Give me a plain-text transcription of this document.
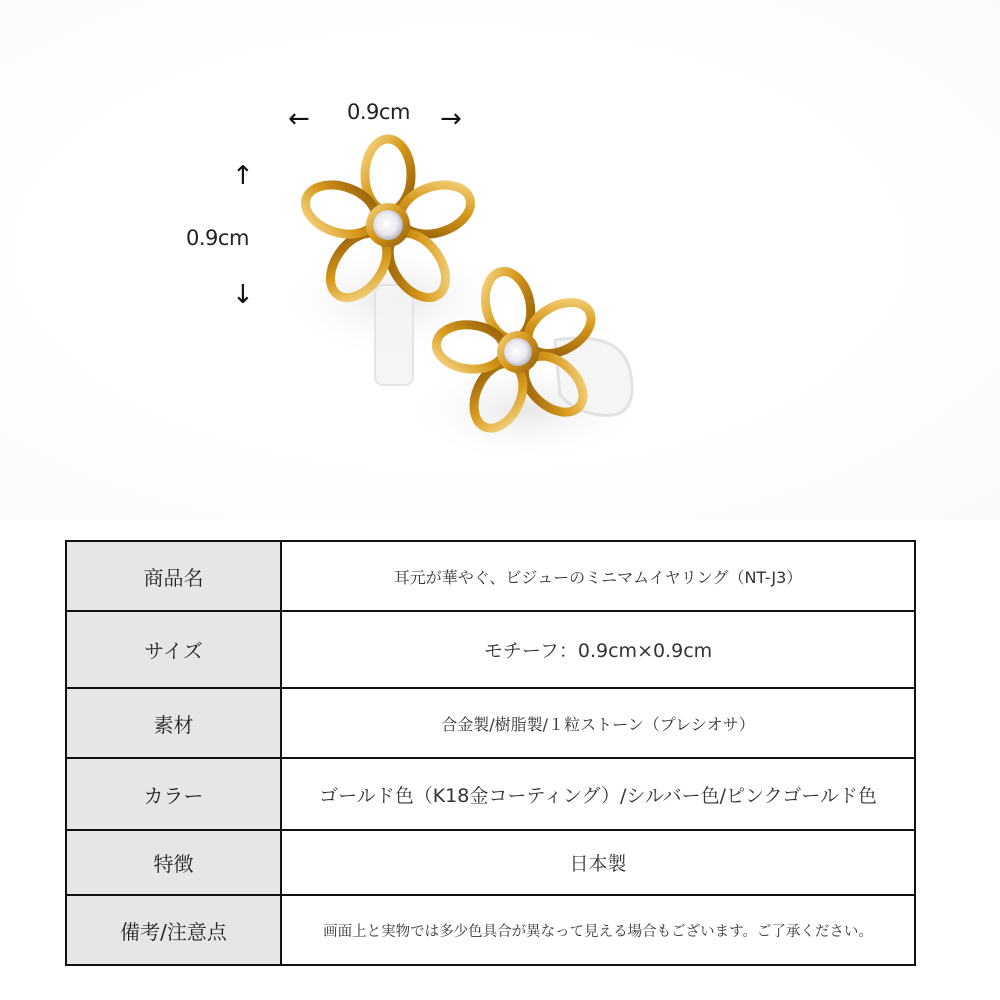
← 0.9cm →
↑
0.9cm
↓
商品名	耳元が華やぐ、ビジューのミニマムイヤリング（NT-J3）
サイズ	モチーフ：0.9cm×0.9cm
素材	合金製/樹脂製/１粒ストーン（プレシオサ）
カラー	ゴールド色（K18金コーティング）/シルバー色/ピンクゴールド色
特徴	日本製
備考/注意点	画面上と実物では多少色具合が異なって見える場合もございます。ご了承ください。
